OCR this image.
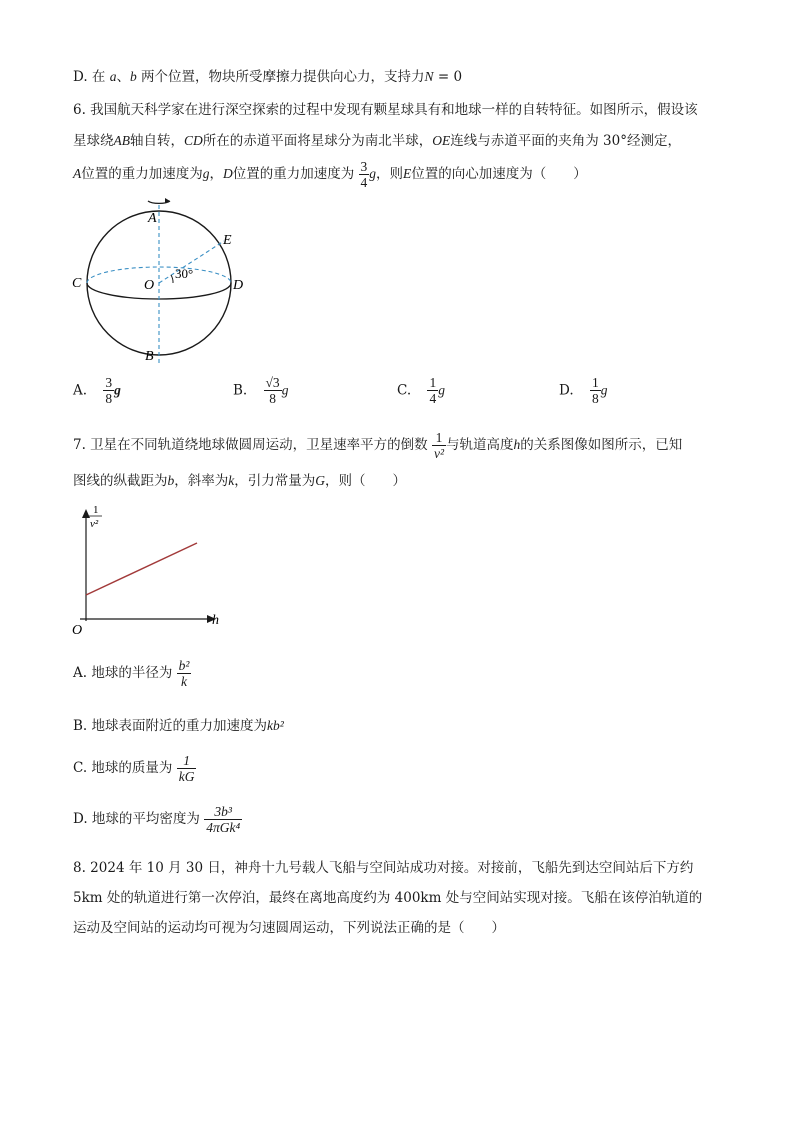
D. 在 a、b 两个位置，物块所受摩擦力提供向心力，支持力N = 0
6. 我国航天科学家在进行深空探索的过程中发现有颗星球具有和地球一样的自转特征。如图所示，假设该
星球绕AB轴自转，CD所在的赤道平面将星球分为南北半球，OE连线与赤道平面的夹角为 30°经测定，
A位置的重力加速度为g，D位置的重力加速度为 $\frac{3}{4}$ g，则E位置的向心加速度为（　　）
A
B
C	D
E
O
30°
A. $\frac{3}{8}$ g	B. $\frac{√3}{8}$ g	C. $\frac{1}{4}$ g	D. $\frac{1}{8}$ g
7. 卫星在不同轨道绕地球做圆周运动，卫星速率平方的倒数 $\frac{1}{\text{v²}}$ 与轨道高度h的关系图像如图所示，已知
图线的纵截距为b，斜率为k，引力常量为G，则（　　）
1
v²
h
O
A. 地球的半径为 $\frac{\text{b²}}{k}$
B. 地球表面附近的重力加速度为kb²
C. 地球的质量为 $\frac{1}{kG}$
D. 地球的平均密度为 $\frac{\text{3b³}}{\text{4πGk⁴}}$
8. 2024 年 10 月 30 日，神舟十九号载人飞船与空间站成功对接。对接前，飞船先到达空间站后下方约
5km 处的轨道进行第一次停泊，最终在离地高度约为 400km 处与空间站实现对接。飞船在该停泊轨道的
运动及空间站的运动均可视为匀速圆周运动，下列说法正确的是（　　）
